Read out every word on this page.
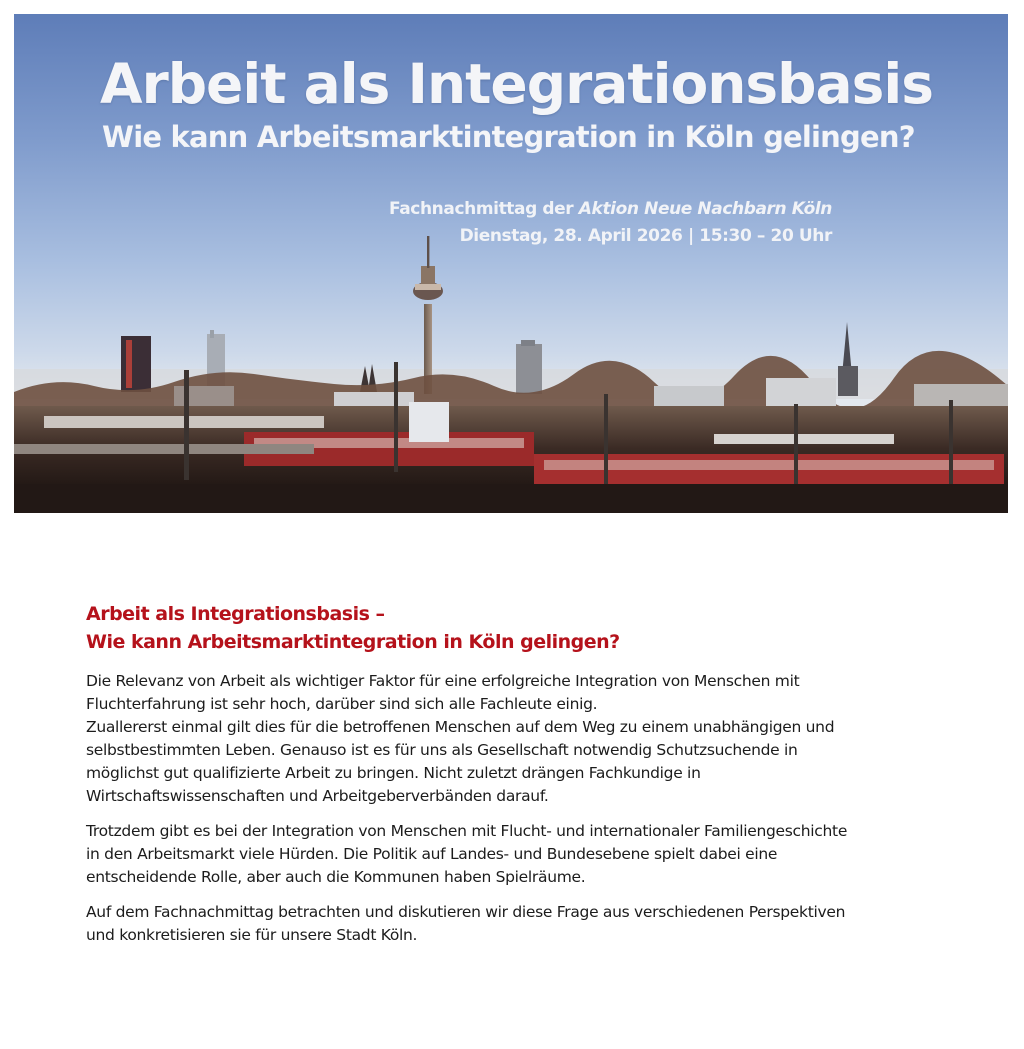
Arbeit als Integrationsbasis
Wie kann Arbeitsmarktintegration in Köln gelingen?

Fachnachmittag der Aktion Neue Nachbarn Köln
Dienstag, 28. April 2026 | 15:30 – 20 Uhr

Arbeit als Integrationsbasis –
Wie kann Arbeitsmarktintegration in Köln gelingen?

Die Relevanz von Arbeit als wichtiger Faktor für eine erfolgreiche Integration von Menschen mit
Fluchterfahrung ist sehr hoch, darüber sind sich alle Fachleute einig.
Zuallererst einmal gilt dies für die betroffenen Menschen auf dem Weg zu einem unabhängigen und
selbstbestimmten Leben. Genauso ist es für uns als Gesellschaft notwendig Schutzsuchende in
möglichst gut qualifizierte Arbeit zu bringen. Nicht zuletzt drängen Fachkundige in
Wirtschaftswissenschaften und Arbeitgeberverbänden darauf.

Trotzdem gibt es bei der Integration von Menschen mit Flucht- und internationaler Familiengeschichte
in den Arbeitsmarkt viele Hürden. Die Politik auf Landes- und Bundesebene spielt dabei eine
entscheidende Rolle, aber auch die Kommunen haben Spielräume.

Auf dem Fachnachmittag betrachten und diskutieren wir diese Frage aus verschiedenen Perspektiven
und konkretisieren sie für unsere Stadt Köln.
